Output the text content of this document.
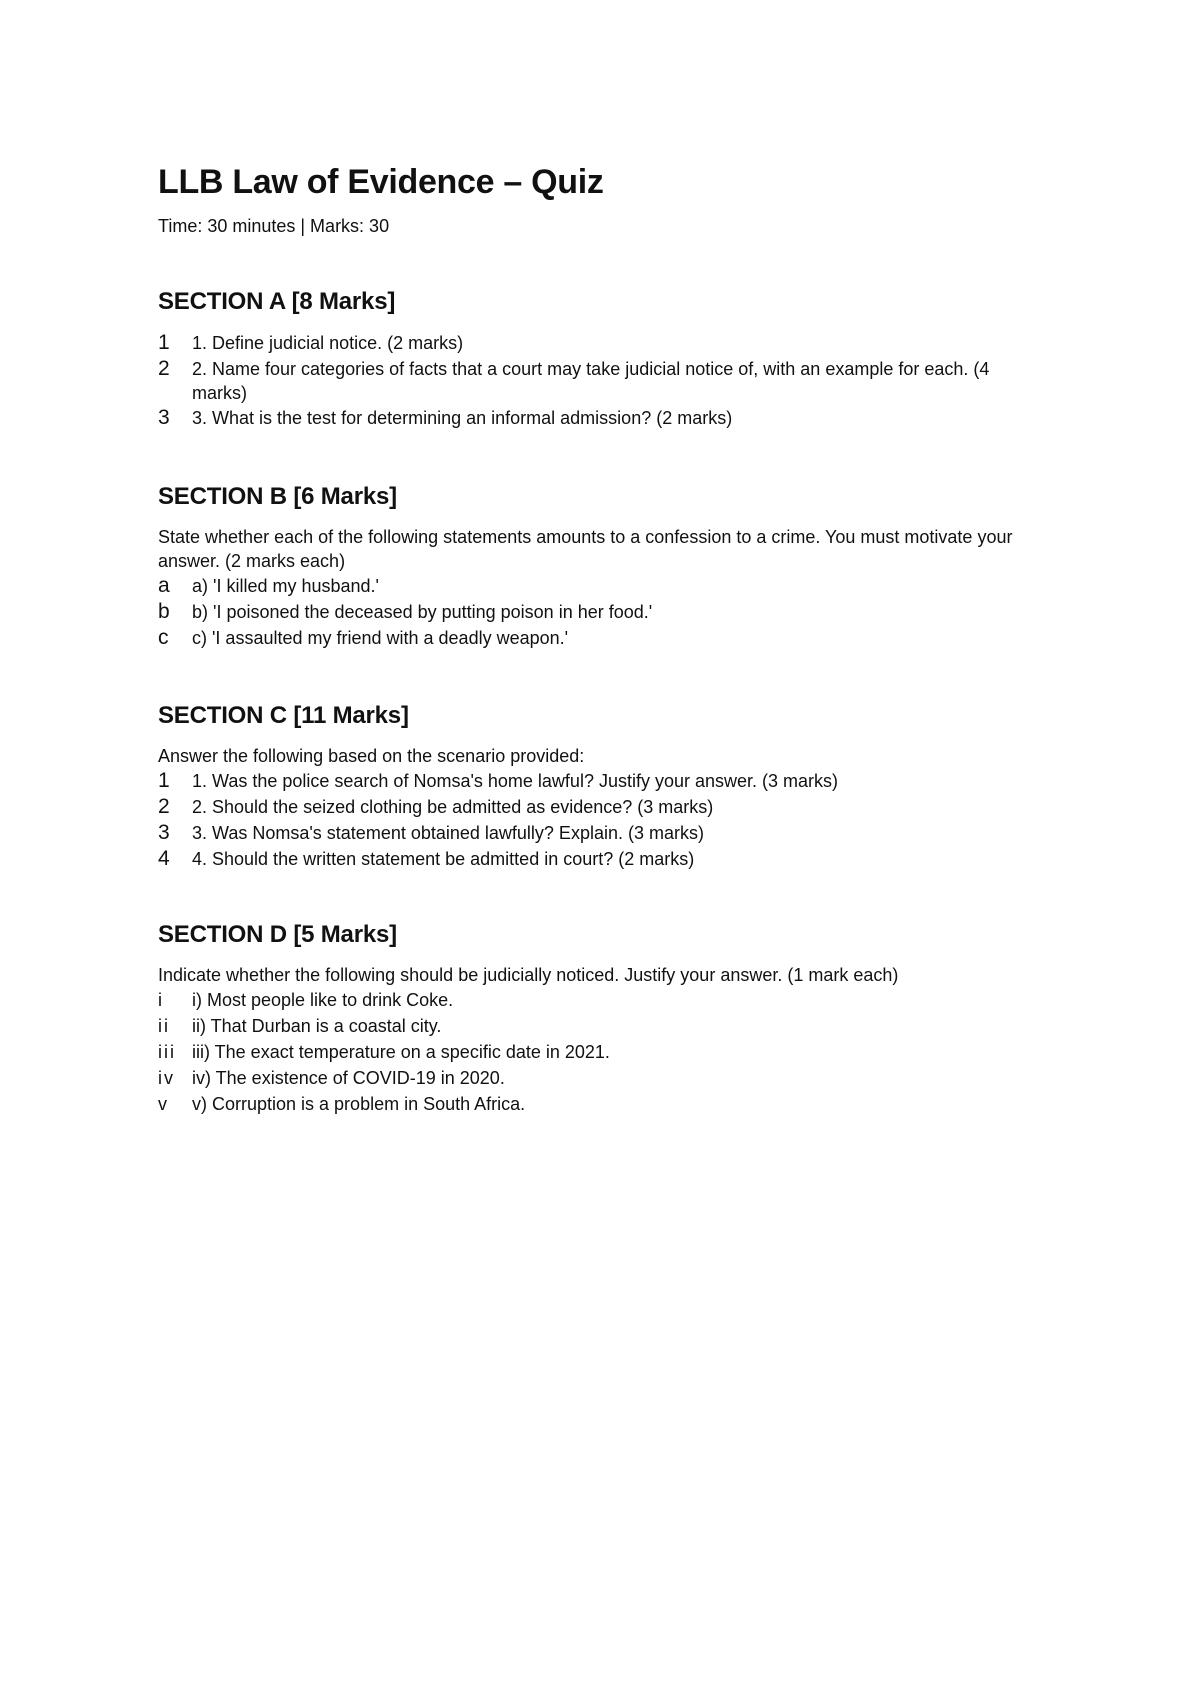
LLB Law of Evidence – Quiz

Time: 30 minutes | Marks: 30

SECTION A [8 Marks]
1	1. Define judicial notice. (2 marks)
2	2. Name four categories of facts that a court may take judicial notice of, with an example for each. (4 marks)
3	3. What is the test for determining an informal admission? (2 marks)
SECTION B [6 Marks]

State whether each of the following statements amounts to a confession to a crime. You must motivate your answer. (2 marks each)

a	a) 'I killed my husband.'
b	b) 'I poisoned the deceased by putting poison in her food.'
c	c) 'I assaulted my friend with a deadly weapon.'
SECTION C [11 Marks]

Answer the following based on the scenario provided:

1	1. Was the police search of Nomsa's home lawful? Justify your answer. (3 marks)
2	2. Should the seized clothing be admitted as evidence? (3 marks)
3	3. Was Nomsa's statement obtained lawfully? Explain. (3 marks)
4	4. Should the written statement be admitted in court? (2 marks)
SECTION D [5 Marks]

Indicate whether the following should be judicially noticed. Justify your answer. (1 mark each)

i	i) Most people like to drink Coke.
ii	ii) That Durban is a coastal city.
iii iii) The exact temperature on a specific date in 2021.
iv iv) The existence of COVID-19 in 2020.
v	v) Corruption is a problem in South Africa.
